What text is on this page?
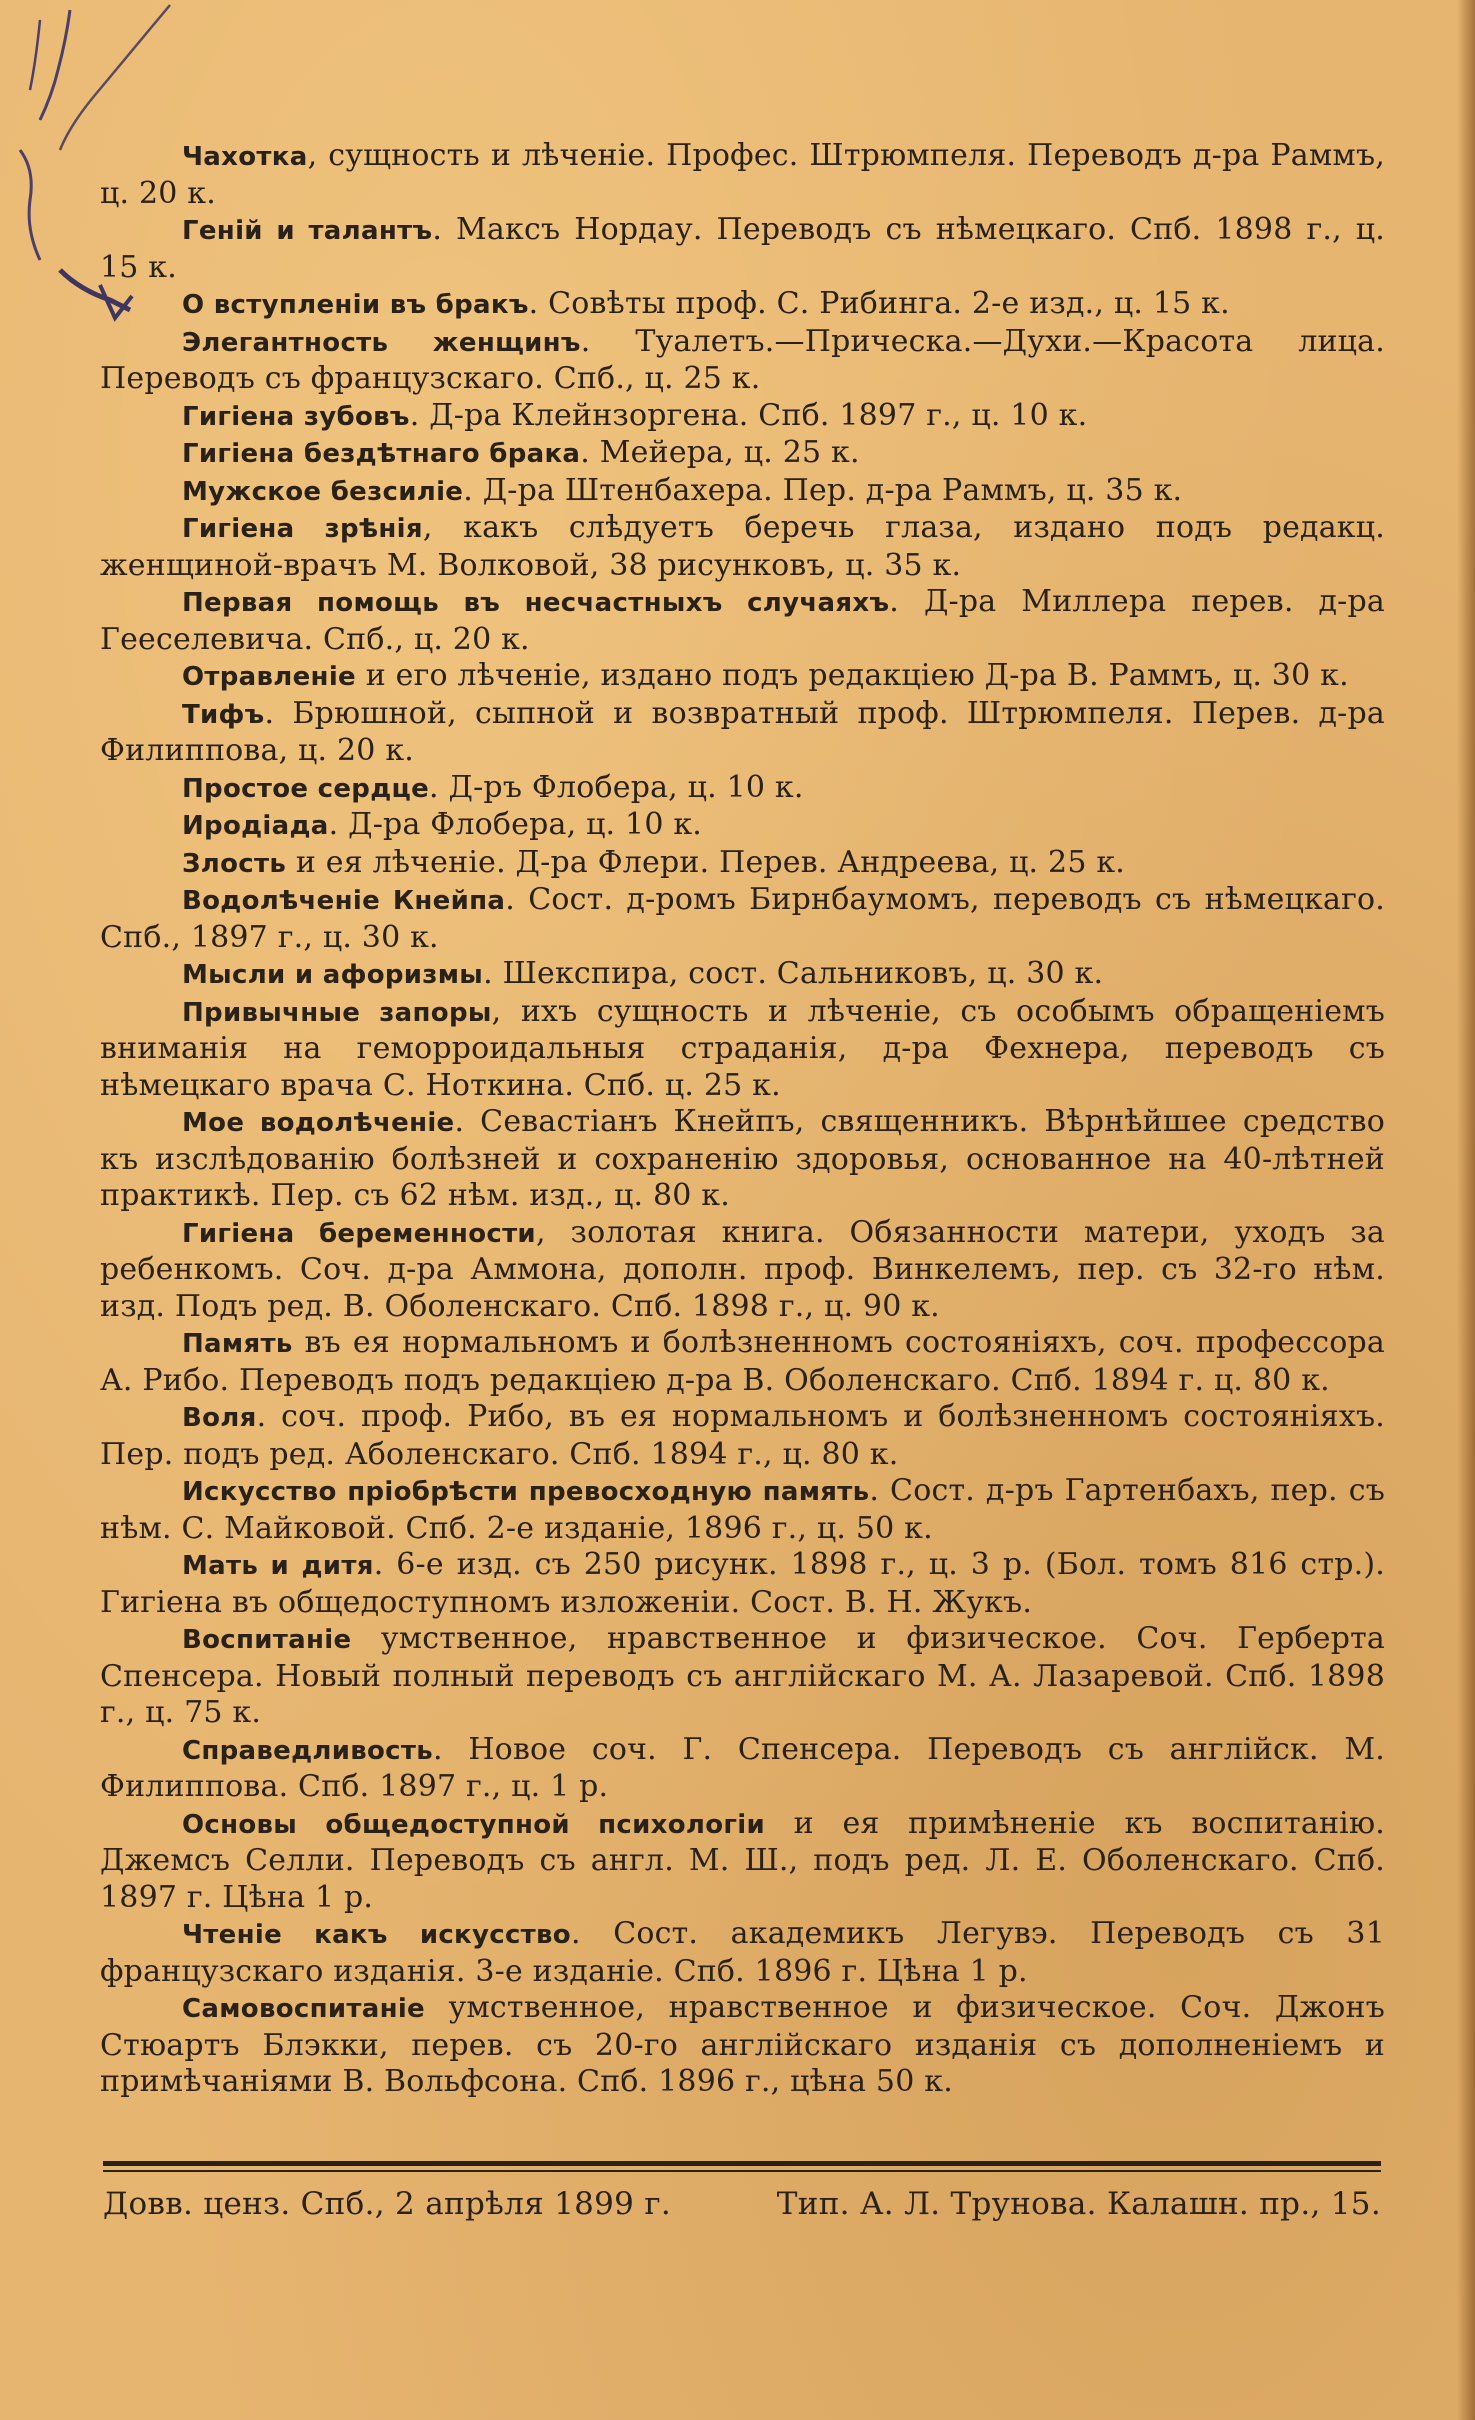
Чахотка, сущность и лѣченіе. Профес. Штрюмпеля. Переводъ д-ра Раммъ, ц. 20 к.

Геній и талантъ. Максъ Нордау. Переводъ съ нѣмецкаго. Спб. 1898 г., ц. 15 к.

О вступленіи въ бракъ. Совѣты проф. С. Рибинга. 2-е изд., ц. 15 к.

Элегантность женщинъ. Туалетъ.—Прическа.—Духи.—Красота лица. Переводъ съ французскаго. Спб., ц. 25 к.

Гигіена зубовъ. Д-ра Клейнзоргена. Спб. 1897 г., ц. 10 к.

Гигіена бездѣтнаго брака. Мейера, ц. 25 к.

Мужское безсиліе. Д-ра Штенбахера. Пер. д-ра Раммъ, ц. 35 к.

Гигіена зрѣнія, какъ слѣдуетъ беречь глаза, издано подъ редакц. женщиной-врачъ М. Волковой, 38 рисунковъ, ц. 35 к.

Первая помощь въ несчастныхъ случаяхъ. Д-ра Миллера перев. д-ра Гееселевича. Спб., ц. 20 к.

Отравленіе и его лѣченіе, издано подъ редакціею Д-ра В. Раммъ, ц. 30 к.

Тифъ. Брюшной, сыпной и возвратный проф. Штрюмпеля. Перев. д-ра Филиппова, ц. 20 к.

Простое сердце. Д-ръ Флобера, ц. 10 к.

Иродіада. Д-ра Флобера, ц. 10 к.

Злость и ея лѣченіе. Д-ра Флери. Перев. Андреева, ц. 25 к.

Водолѣченіе Кнейпа. Сост. д-ромъ Бирнбаумомъ, переводъ съ нѣмецкаго. Спб., 1897 г., ц. 30 к.

Мысли и афоризмы. Шекспира, сост. Сальниковъ, ц. 30 к.

Привычные запоры, ихъ сущность и лѣченіе, съ особымъ обращеніемъ вниманія на геморроидальныя страданія, д-ра Фехнера, переводъ съ нѣмецкаго врача С. Ноткина. Спб. ц. 25 к.

Мое водолѣченіе. Севастіанъ Кнейпъ, священникъ. Вѣрнѣйшее средство къ изслѣдованію болѣзней и сохраненію здоровья, основанное на 40-лѣтней практикѣ. Пер. съ 62 нѣм. изд., ц. 80 к.

Гигіена беременности, золотая книга. Обязанности матери, уходъ за ребенкомъ. Соч. д-ра Аммона, дополн. проф. Винкелемъ, пер. съ 32-го нѣм. изд. Подъ ред. В. Оболенскаго. Спб. 1898 г., ц. 90 к.

Память въ ея нормальномъ и болѣзненномъ состояніяхъ, соч. профессора А. Рибо. Переводъ подъ редакціею д-ра В. Оболенскаго. Спб. 1894 г. ц. 80 к.

Воля. соч. проф. Рибо, въ ея нормальномъ и болѣзненномъ состояніяхъ. Пер. подъ ред. Аболенскаго. Спб. 1894 г., ц. 80 к.

Искусство пріобрѣсти превосходную память. Сост. д-ръ Гартенбахъ, пер. съ нѣм. С. Майковой. Спб. 2-е изданіе, 1896 г., ц. 50 к.

Мать и дитя. 6-е изд. съ 250 рисунк. 1898 г., ц. 3 р. (Бол. томъ 816 стр.). Гигіена въ общедоступномъ изложеніи. Сост. В. Н. Жукъ.

Воспитаніе умственное, нравственное и физическое. Соч. Герберта Спенсера. Новый полный переводъ съ англійскаго М. А. Лазаревой. Спб. 1898 г., ц. 75 к.

Справедливость. Новое соч. Г. Спенсера. Переводъ съ англійск. М. Филиппова. Спб. 1897 г., ц. 1 р.

Основы общедоступной психологіи и ея примѣненіе къ воспитанію. Джемсъ Селли. Переводъ съ англ. М. Ш., подъ ред. Л. Е. Оболенскаго. Спб. 1897 г. Цѣна 1 р.

Чтеніе какъ искусство. Сост. академикъ Легувэ. Переводъ съ 31 французскаго изданія. 3-е изданіе. Спб. 1896 г. Цѣна 1 р.

Самовоспитаніе умственное, нравственное и физическое. Соч. Джонъ Стюартъ Блэкки, перев. съ 20-го англійскаго изданія съ дополненіемъ и примѣчаніями В. Вольфсона. Спб. 1896 г., цѣна 50 к.

Довв. ценз. Спб., 2 апрѣля 1899 г.	Тип. А. Л. Трунова. Калашн. пр., 15.
